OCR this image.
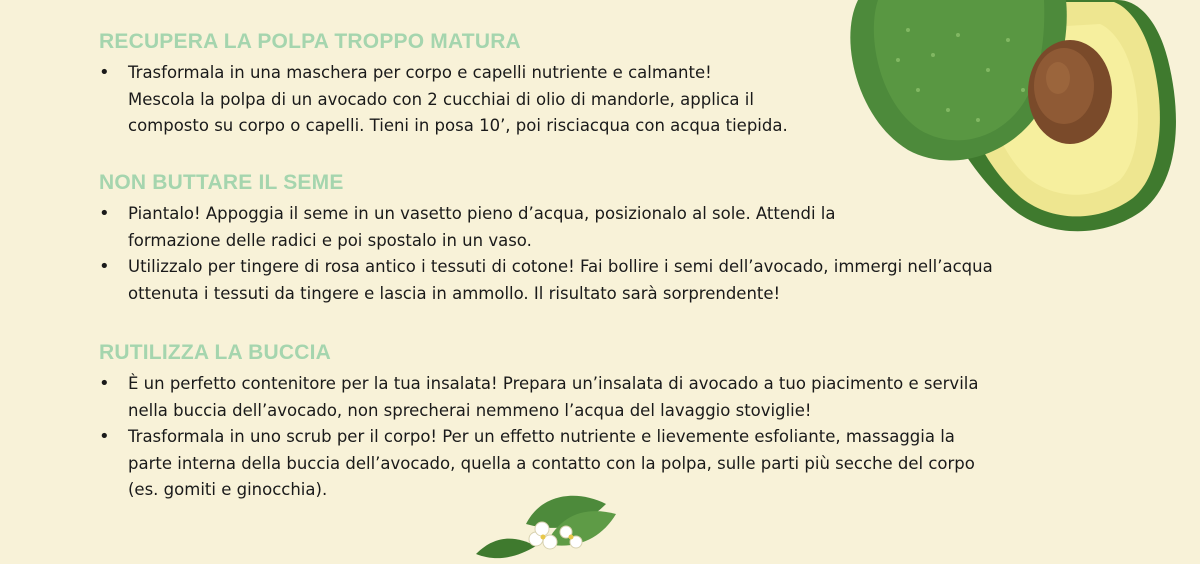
RECUPERA LA POLPA TROPPO MATURA
• Trasformala in una maschera per corpo e capelli nutriente e calmante!
Mescola la polpa di un avocado con 2 cucchiai di olio di mandorle, applica il
composto su corpo o capelli. Tieni in posa 10’, poi risciacqua con acqua tiepida.
NON BUTTARE IL SEME
• Piantalo! Appoggia il seme in un vasetto pieno d’acqua, posizionalo al sole. Attendi la
formazione delle radici e poi spostalo in un vaso.
• Utilizzalo per tingere di rosa antico i tessuti di cotone! Fai bollire i semi dell’avocado, immergi nell’acqua
ottenuta i tessuti da tingere e lascia in ammollo. Il risultato sarà sorprendente!
RUTILIZZA LA BUCCIA
• È un perfetto contenitore per la tua insalata! Prepara un’insalata di avocado a tuo piacimento e servila
nella buccia dell’avocado, non sprecherai nemmeno l’acqua del lavaggio stoviglie!
• Trasformala in uno scrub per il corpo! Per un effetto nutriente e lievemente esfoliante, massaggia la
parte interna della buccia dell’avocado, quella a contatto con la polpa, sulle parti più secche del corpo
(es. gomiti e ginocchia).
